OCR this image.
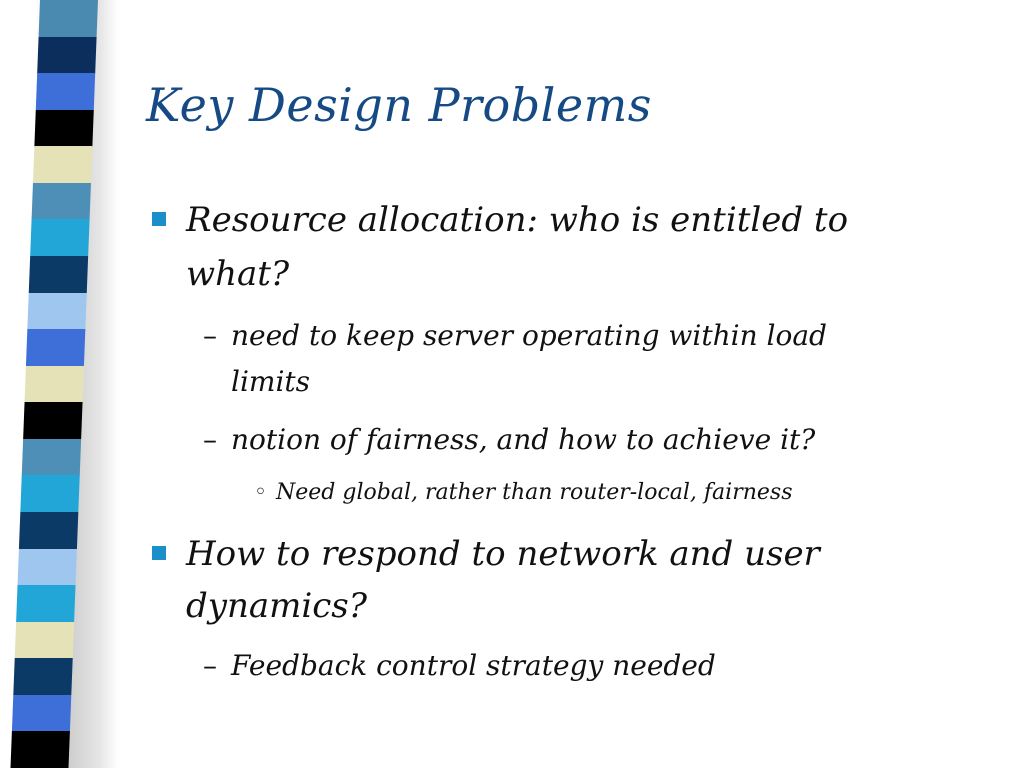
Key Design Problems
Resource allocation: who is entitled to
what?
– need to keep server operating within load
limits
– notion of fairness, and how to achieve it?
◦ Need global, rather than router-local, fairness
How to respond to network and user
dynamics?
– Feedback control strategy needed
